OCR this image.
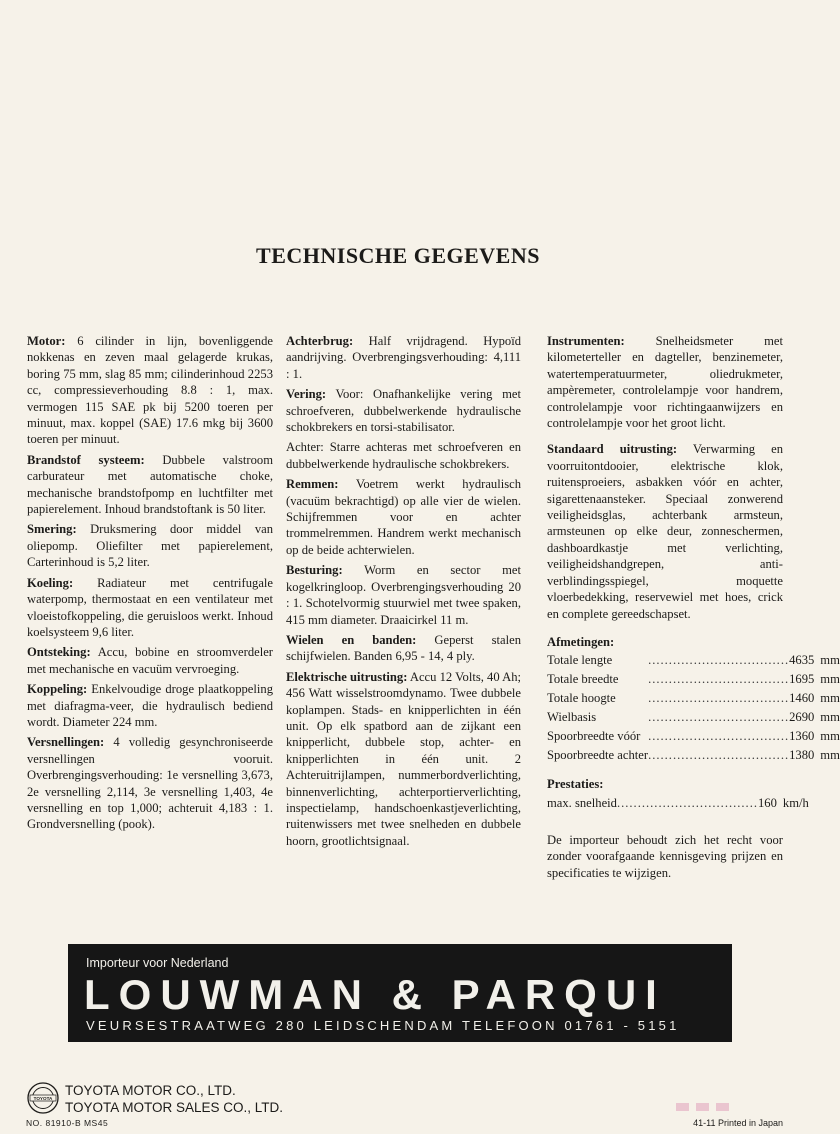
TECHNISCHE GEGEVENS

Motor: 6 cilinder in lijn, bovenliggende nokkenas en zeven maal gelagerde krukas, boring 75 mm, slag 85 mm; cilinderinhoud 2253 cc, compressieverhouding 8.8 : 1, max. vermogen 115 SAE pk bij 5200 toeren per minuut, max. koppel (SAE) 17.6 mkg bij 3600 toeren per minuut.

Brandstof systeem: Dubbele valstroom carburateur met automatische choke, mechanische brandstofpomp en luchtfilter met papierelement. Inhoud brandstoftank is 50 liter.

Smering: Druksmering door middel van oliepomp. Oliefilter met papierelement, Carterinhoud is 5,2 liter.

Koeling: Radiateur met centrifugale waterpomp, thermostaat en een ventilateur met vloeistofkoppeling, die geruisloos werkt. Inhoud koelsysteem 9,6 liter.

Ontsteking: Accu, bobine en stroomverdeler met mechanische en vacuüm vervroeging.

Koppeling: Enkelvoudige droge plaatkoppeling met diafragma-veer, die hydraulisch bediend wordt. Diameter 224 mm.

Versnellingen: 4 volledig gesynchroniseerde versnellingen vooruit. Overbrengingsverhouding: 1e versnelling 3,673, 2e versnelling 2,114, 3e versnelling 1,403, 4e versnelling en top 1,000; achteruit 4,183 : 1. Grondversnelling (pook).

Achterbrug: Half vrijdragend. Hypoïd aandrijving. Overbrengingsverhouding: 4,111 : 1.

Vering: Voor: Onafhankelijke vering met schroefveren, dubbelwerkende hydraulische schokbrekers en torsi-stabilisator.

Achter: Starre achteras met schroefveren en dubbelwerkende hydraulische schokbrekers.

Remmen: Voetrem werkt hydraulisch (vacuüm bekrachtigd) op alle vier de wielen. Schijfremmen voor en achter trommelremmen. Handrem werkt mechanisch op de beide achterwielen.

Besturing: Worm en sector met kogelkringloop. Overbrengingsverhouding 20 : 1. Schotelvormig stuurwiel met twee spaken, 415 mm diameter. Draaicirkel 11 m.

Wielen en banden: Geperst stalen schijfwielen. Banden 6,95 - 14, 4 ply.

Elektrische uitrusting: Accu 12 Volts, 40 Ah; 456 Watt wisselstroomdynamo. Twee dubbele koplampen. Stads- en knipperlichten in één unit. Op elk spatbord aan de zijkant een knipperlicht, dubbele stop, achter- en knipperlichten in één unit. 2 Achteruitrijlampen, nummerbordverlichting, binnenverlichting, achterportierverlichting, inspectielamp, handschoenkastjeverlichting, ruitenwissers met twee snelheden en dubbele hoorn, grootlichtsignaal.

Instrumenten: Snelheidsmeter met kilometerteller en dagteller, benzinemeter, watertemperatuurmeter, oliedrukmeter, ampèremeter, controlelampje voor handrem, controlelampje voor richtingaanwijzers en controlelampje voor het groot licht.

Standaard uitrusting: Verwarming en voorruitontdooier, elektrische klok, ruitensproeiers, asbakken vóór en achter, sigarettenaansteker. Speciaal zonwerend veiligheidsglas, achterbank armsteun, armsteunen op elke deur, zonneschermen, dashboardkastje met verlichting, veiligheidshandgrepen, anti-verblindingsspiegel, moquette vloerbedekking, reservewiel met hoes, crick en complete gereedschapset.

Afmetingen:
Totale lengte	..................................	4635	mm
Totale breedte	..................................	1695	mm
Totale hoogte	..................................	1460	mm
Wielbasis	..................................	2690	mm
Spoorbreedte vóór	..................................	1360	mm
Spoorbreedte achter	..................................	1380	mm
Prestaties:
max. snelheid	..................................	160	km/h

De importeur behoudt zich het recht voor zonder voorafgaande kennisgeving prijzen en specificaties te wijzigen.

Importeur voor Nederland
LOUWMAN & PARQUI
VEURSESTRAATWEG 280 LEIDSCHENDAM TELEFOON 01761 - 5151
TOYOTA
TOYOTA MOTOR CO., LTD.
TOYOTA MOTOR SALES CO., LTD.
NO. 81910-B MS45	41-11 Printed in Japan
